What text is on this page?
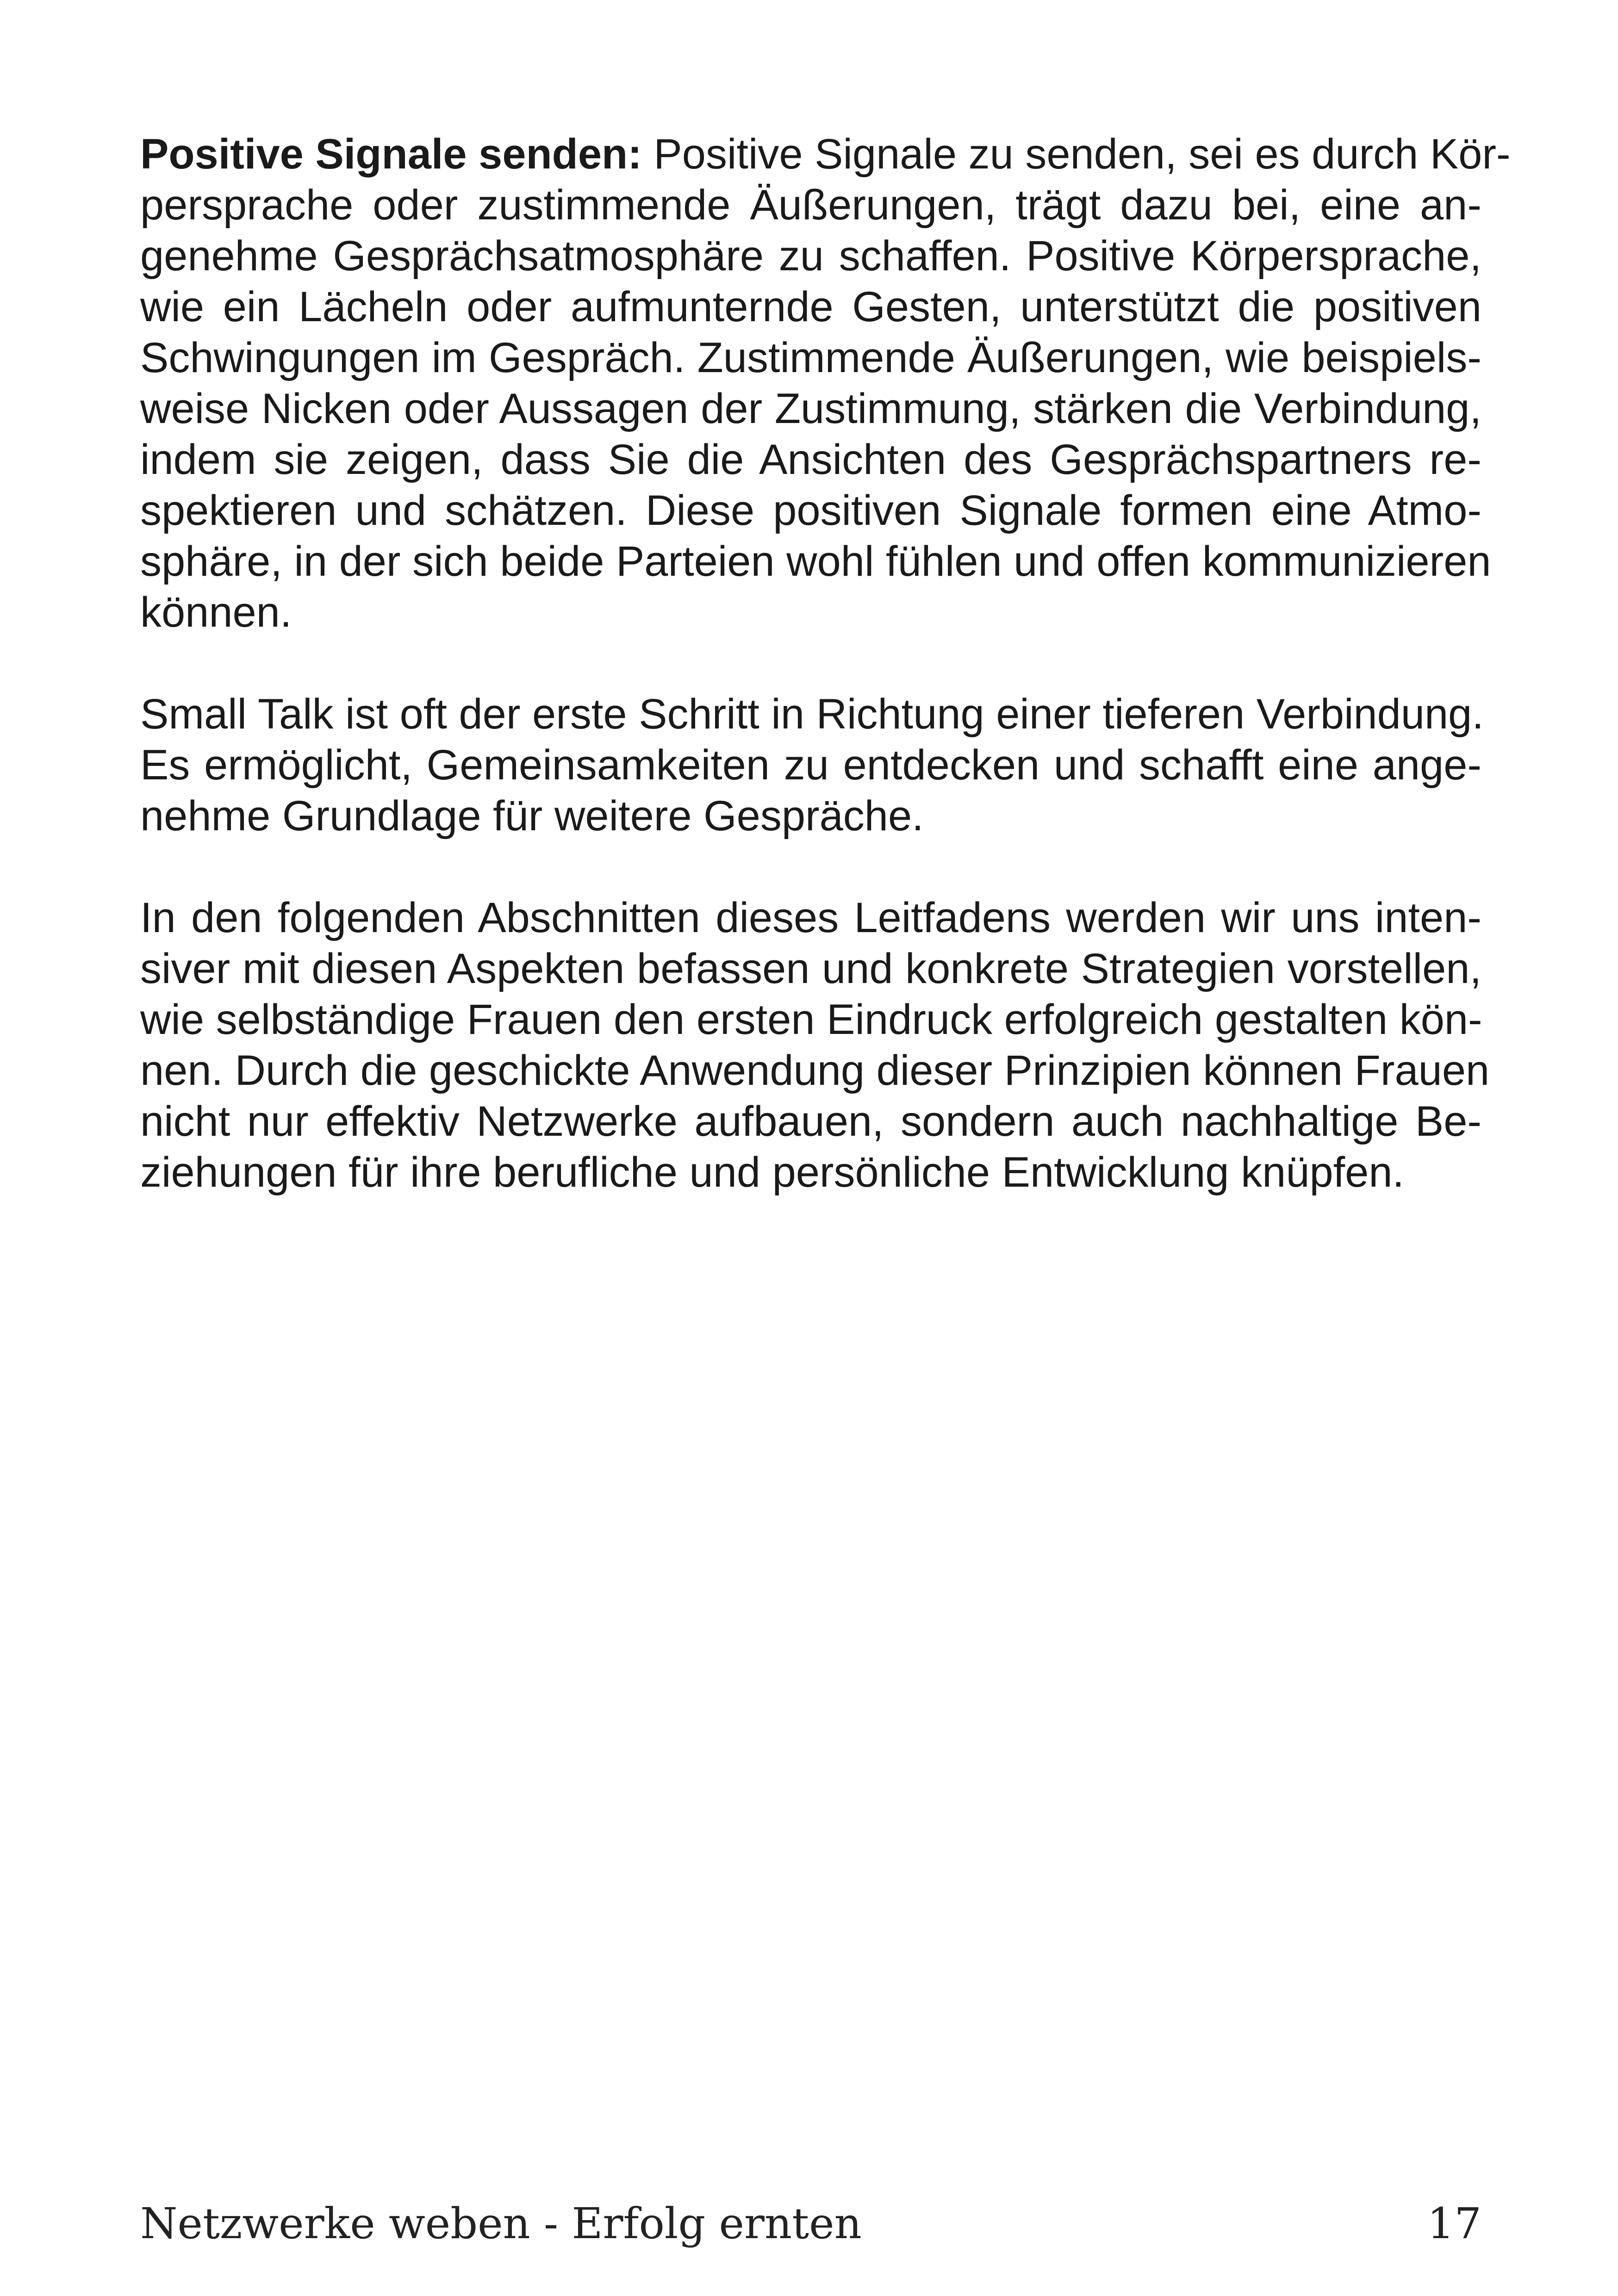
Positive Signale senden: Positive Signale zu senden, sei es durch Kör-
persprache oder zustimmende Äußerungen, trägt dazu bei, eine an-
genehme Gesprächsatmosphäre zu schaffen. Positive Körpersprache,
wie ein Lächeln oder aufmunternde Gesten, unterstützt die positiven
Schwingungen im Gespräch. Zustimmende Äußerungen, wie beispiels-
weise Nicken oder Aussagen der Zustimmung, stärken die Verbindung,
indem sie zeigen, dass Sie die Ansichten des Gesprächspartners re-
spektieren und schätzen. Diese positiven Signale formen eine Atmo-
sphäre, in der sich beide Parteien wohl fühlen und offen kommunizieren
können.

Small Talk ist oft der erste Schritt in Richtung einer tieferen Verbindung.
Es ermöglicht, Gemeinsamkeiten zu entdecken und schafft eine ange-
nehme Grundlage für weitere Gespräche.

In den folgenden Abschnitten dieses Leitfadens werden wir uns inten-
siver mit diesen Aspekten befassen und konkrete Strategien vorstellen,
wie selbständige Frauen den ersten Eindruck erfolgreich gestalten kön-
nen. Durch die geschickte Anwendung dieser Prinzipien können Frauen
nicht nur effektiv Netzwerke aufbauen, sondern auch nachhaltige Be-
ziehungen für ihre berufliche und persönliche Entwicklung knüpfen.

Netzwerke weben - Erfolg ernten	17
